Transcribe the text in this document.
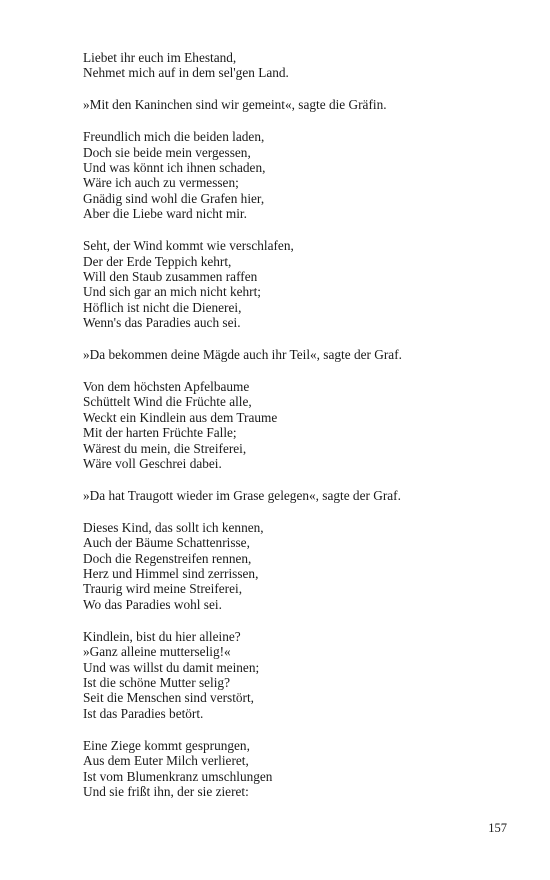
Liebet ihr euch im Ehestand,
Nehmet mich auf in dem sel'gen Land.
»Mit den Kaninchen sind wir gemeint«, sagte die Gräfin.
Freundlich mich die beiden laden,
Doch sie beide mein vergessen,
Und was könnt ich ihnen schaden,
Wäre ich auch zu vermessen;
Gnädig sind wohl die Grafen hier,
Aber die Liebe ward nicht mir.
Seht, der Wind kommt wie verschlafen,
Der der Erde Teppich kehrt,
Will den Staub zusammen raffen
Und sich gar an mich nicht kehrt;
Höflich ist nicht die Dienerei,
Wenn's das Paradies auch sei.
»Da bekommen deine Mägde auch ihr Teil«, sagte der Graf.
Von dem höchsten Apfelbaume
Schüttelt Wind die Früchte alle,
Weckt ein Kindlein aus dem Traume
Mit der harten Früchte Falle;
Wärest du mein, die Streiferei,
Wäre voll Geschrei dabei.
»Da hat Traugott wieder im Grase gelegen«, sagte der Graf.
Dieses Kind, das sollt ich kennen,
Auch der Bäume Schattenrisse,
Doch die Regenstreifen rennen,
Herz und Himmel sind zerrissen,
Traurig wird meine Streiferei,
Wo das Paradies wohl sei.
Kindlein, bist du hier alleine?
»Ganz alleine mutterselig!«
Und was willst du damit meinen;
Ist die schöne Mutter selig?
Seit die Menschen sind verstört,
Ist das Paradies betört.
Eine Ziege kommt gesprungen,
Aus dem Euter Milch verlieret,
Ist vom Blumenkranz umschlungen
Und sie frißt ihn, der sie zieret:
157
